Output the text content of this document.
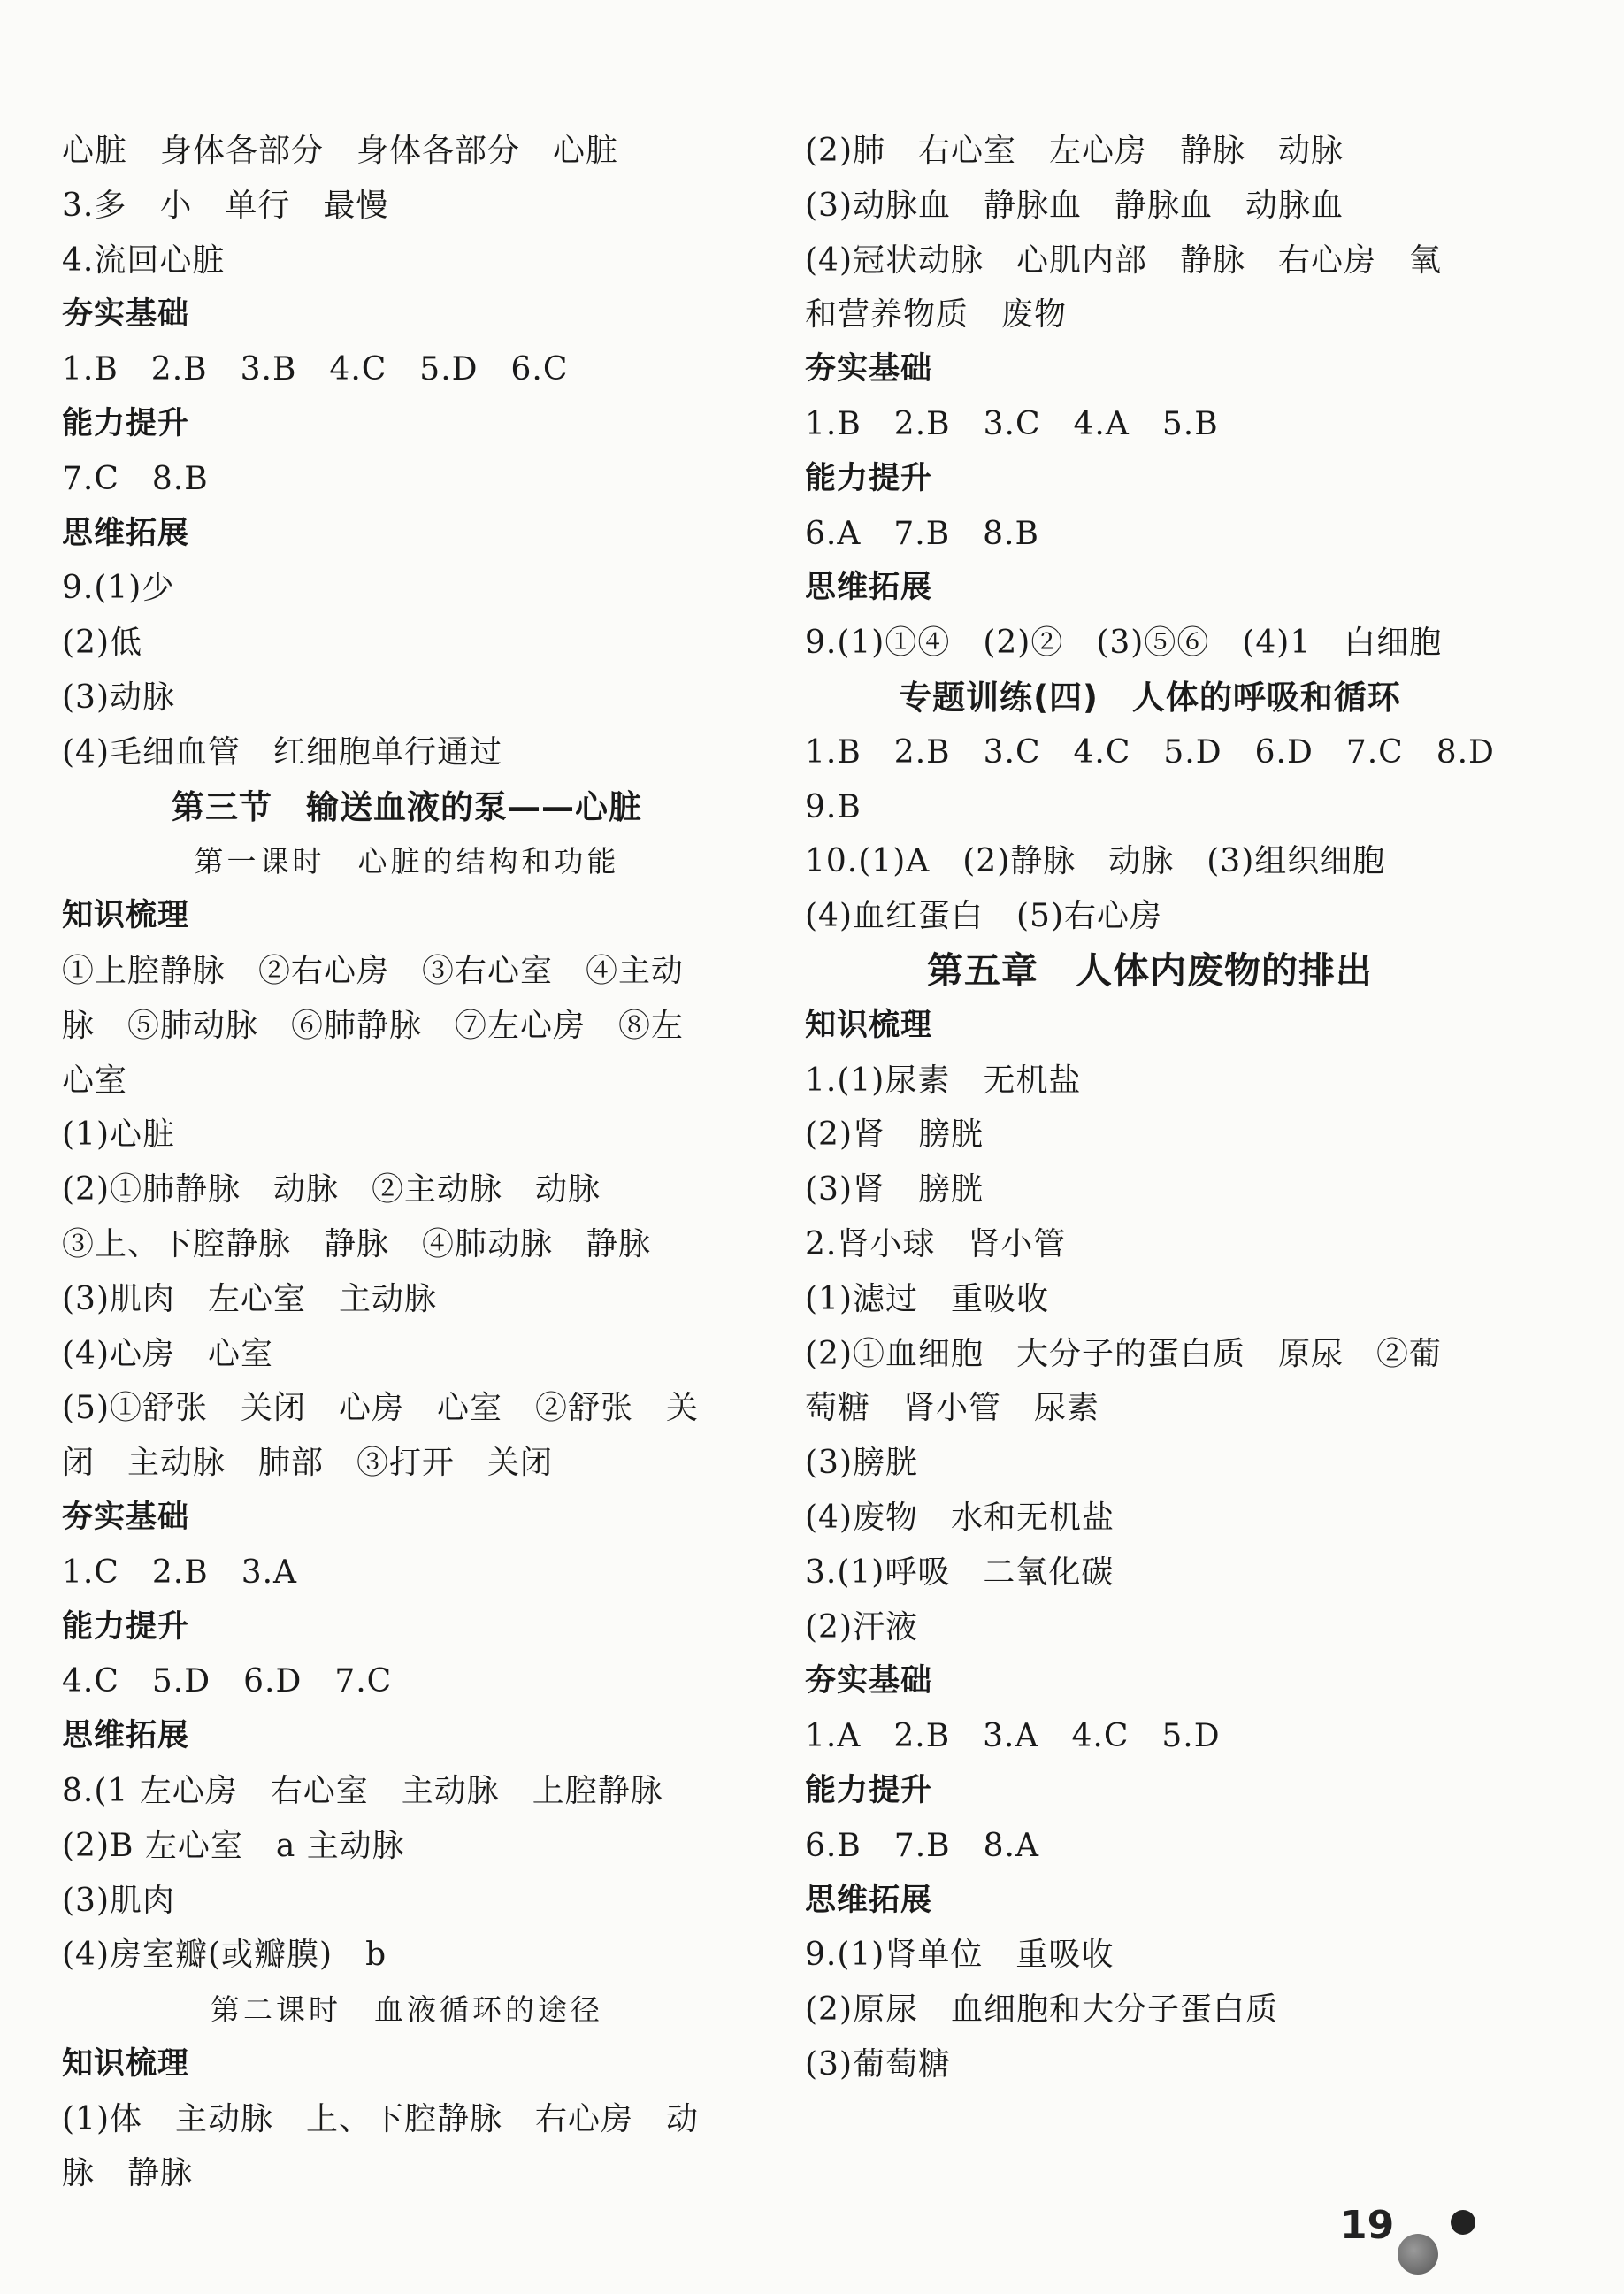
心脏　身体各部分　身体各部分　心脏
3.多　小　单行　最慢
4.流回心脏
夯实基础
1.B　2.B　3.B　4.C　5.D　6.C
能力提升
7.C　8.B
思维拓展
9.(1)少
(2)低
(3)动脉
(4)毛细血管　红细胞单行通过
第三节　输送血液的泵——心脏
第一课时　心脏的结构和功能
知识梳理
①上腔静脉　②右心房　③右心室　④主动
脉　⑤肺动脉　⑥肺静脉　⑦左心房　⑧左
心室
(1)心脏
(2)①肺静脉　动脉　②主动脉　动脉
③上、下腔静脉　静脉　④肺动脉　静脉
(3)肌肉　左心室　主动脉
(4)心房　心室
(5)①舒张　关闭　心房　心室　②舒张　关
闭　主动脉　肺部　③打开　关闭
夯实基础
1.C　2.B　3.A
能力提升
4.C　5.D　6.D　7.C
思维拓展
8.(1 左心房　右心室　主动脉　上腔静脉
(2)B 左心室　a 主动脉
(3)肌肉
(4)房室瓣(或瓣膜)　b
第二课时　血液循环的途径
知识梳理
(1)体　主动脉　上、下腔静脉　右心房　动
脉　静脉
(2)肺　右心室　左心房　静脉　动脉
(3)动脉血　静脉血　静脉血　动脉血
(4)冠状动脉　心肌内部　静脉　右心房　氧
和营养物质　废物
夯实基础
1.B　2.B　3.C　4.A　5.B
能力提升
6.A　7.B　8.B
思维拓展
9.(1)①④　(2)②　(3)⑤⑥　(4)1　白细胞
专题训练(四)　人体的呼吸和循环
1.B　2.B　3.C　4.C　5.D　6.D　7.C　8.D
9.B
10.(1)A　(2)静脉　动脉　(3)组织细胞
(4)血红蛋白　(5)右心房
第五章　人体内废物的排出
知识梳理
1.(1)尿素　无机盐
(2)肾　膀胱
(3)肾　膀胱
2.肾小球　肾小管
(1)滤过　重吸收
(2)①血细胞　大分子的蛋白质　原尿　②葡
萄糖　肾小管　尿素
(3)膀胱
(4)废物　水和无机盐
3.(1)呼吸　二氧化碳
(2)汗液
夯实基础
1.A　2.B　3.A　4.C　5.D
能力提升
6.B　7.B　8.A
思维拓展
9.(1)肾单位　重吸收
(2)原尿　血细胞和大分子蛋白质
(3)葡萄糖
19
